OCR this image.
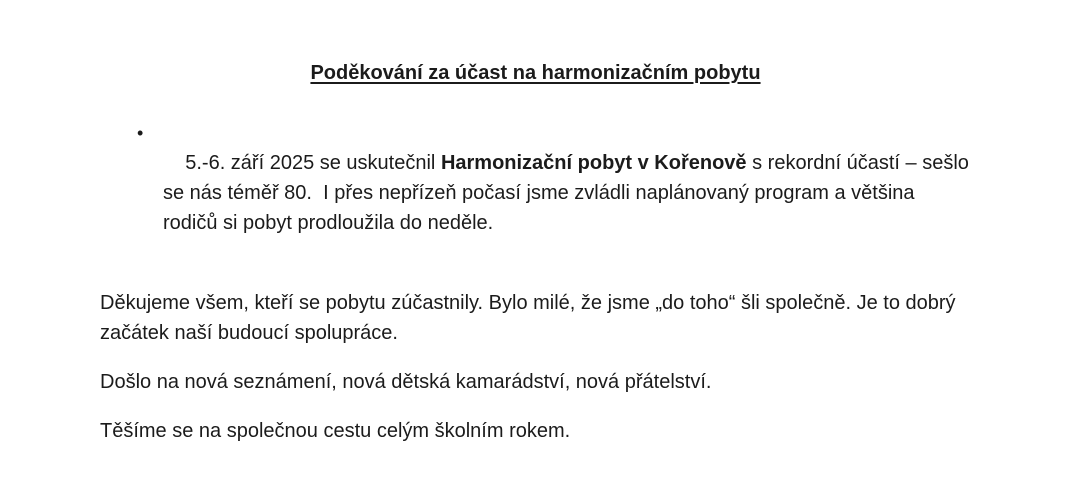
Poděkování za účast na harmonizačním pobytu

•
5.-6. září 2025 se uskutečnil Harmonizační pobyt v Kořenově s rekordní účastí – sešlo se nás téměř 80.  I přes nepřízeň počasí jsme zvládli naplánovaný program a většina rodičů si pobyt prodloužila do neděle.

Děkujeme všem, kteří se pobytu zúčastnily. Bylo milé, že jsme „do toho“ šli společně. Je to dobrý začátek naší budoucí spolupráce.

Došlo na nová seznámení, nová dětská kamarádství, nová přátelství.

Těšíme se na společnou cestu celým školním rokem.
